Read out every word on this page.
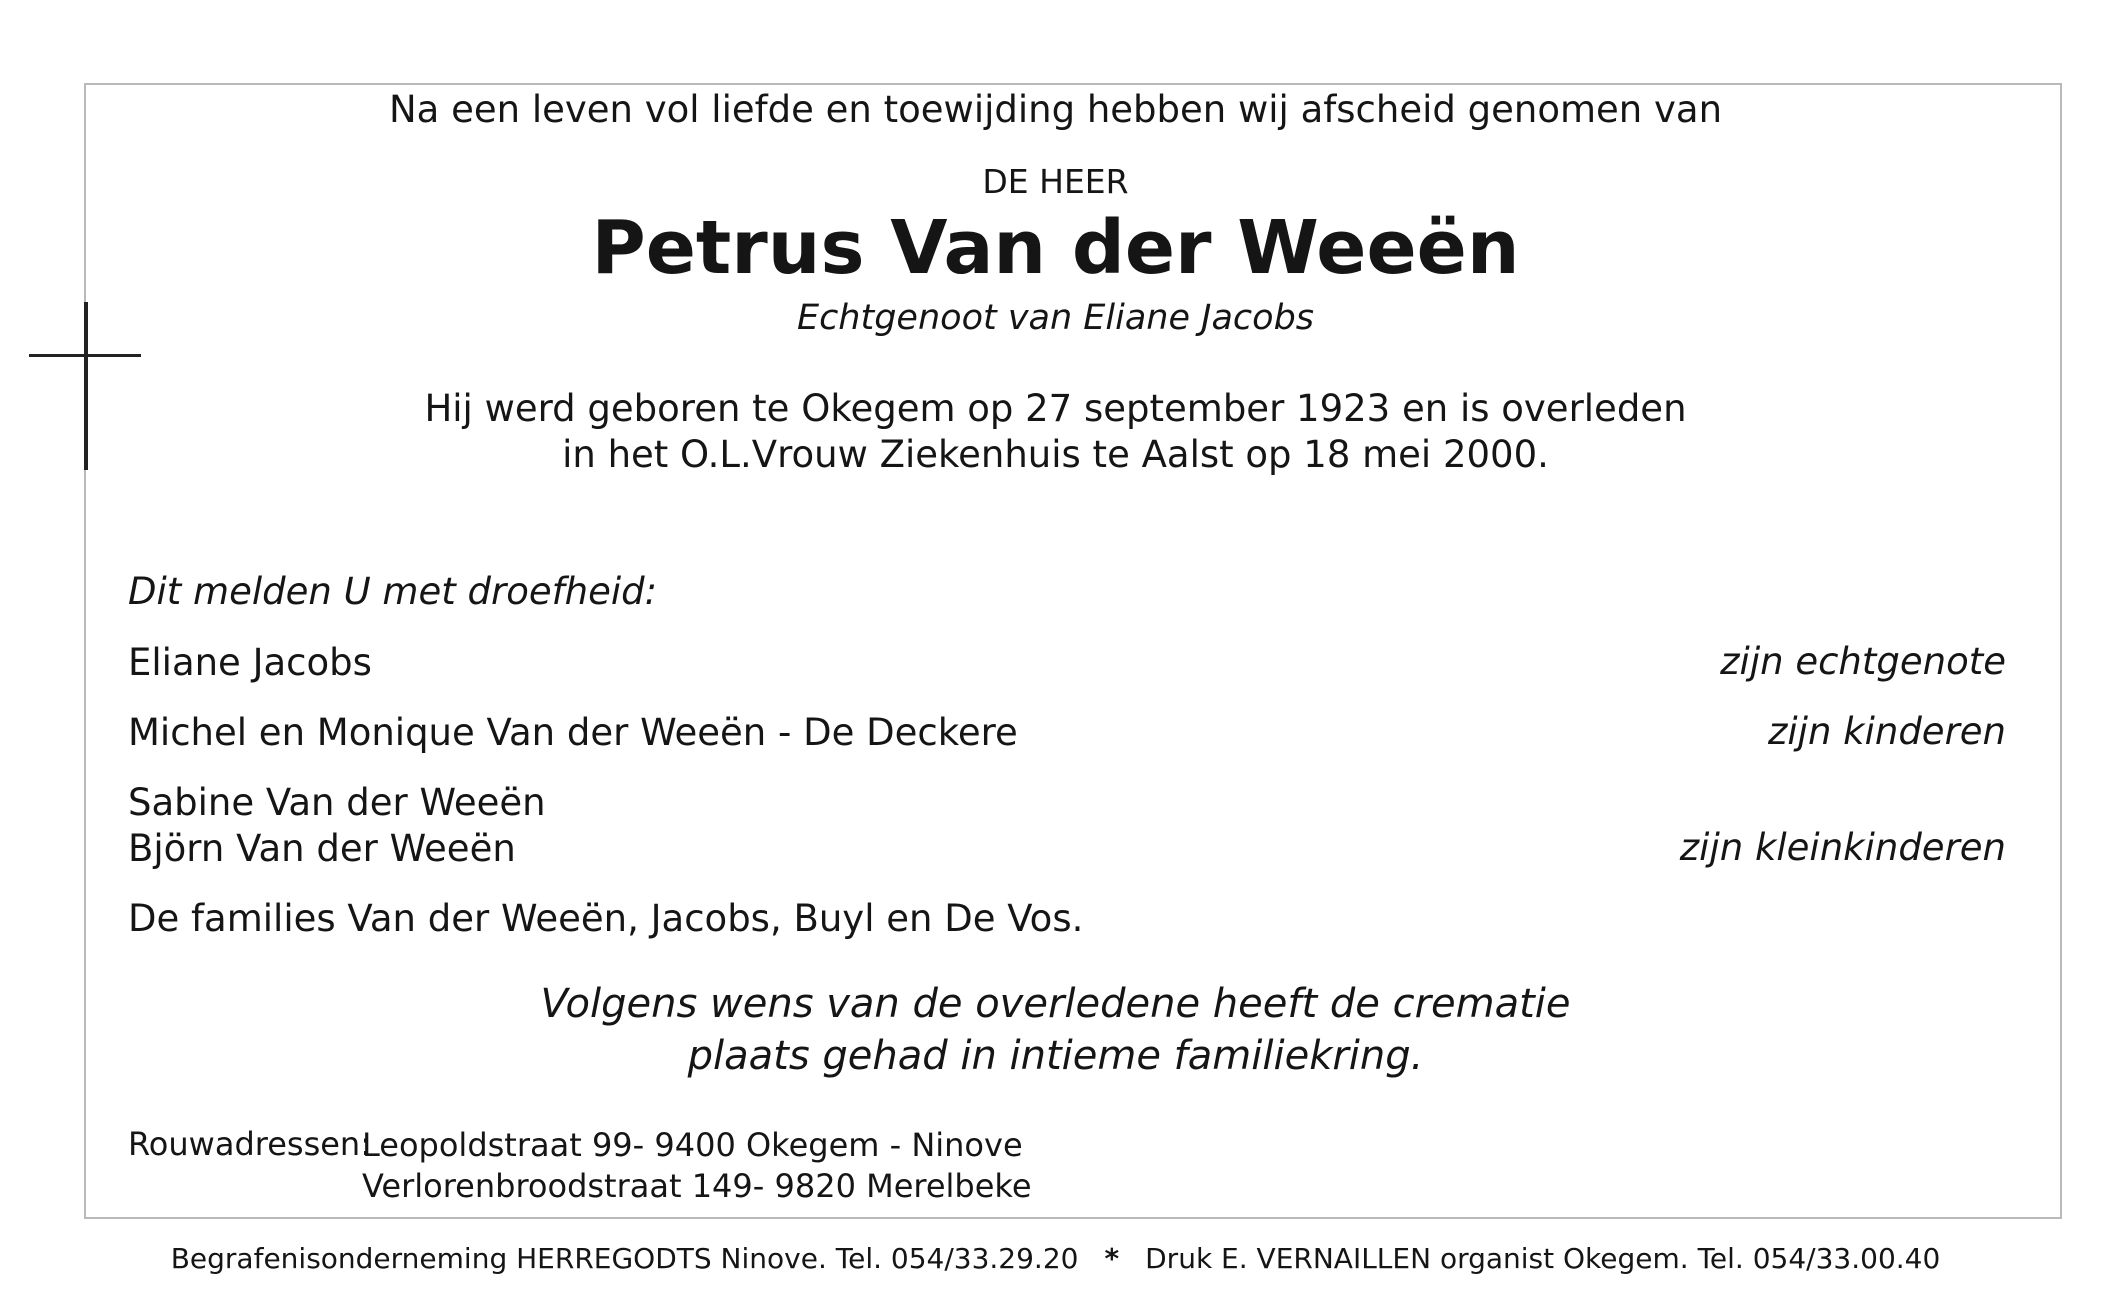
Na een leven vol liefde en toewijding hebben wij afscheid genomen van

DE HEER

Petrus Van der Weeën

Echtgenoot van Eliane Jacobs

Hij werd geboren te Okegem op 27 september 1923 en is overleden
in het O.L.Vrouw Ziekenhuis te Aalst op 18 mei 2000.

Dit melden U met droefheid:

Eliane Jacobs	zijn echtgenote
Michel en Monique Van der Weeën - De Deckere	zijn kinderen
Sabine Van der Weeën
Björn Van der Weeën	zijn kleinkinderen
De families Van der Weeën, Jacobs, Buyl en De Vos.
Volgens wens van de overledene heeft de crematie
plaats gehad in intieme familiekring.
Rouwadressen:
Leopoldstraat 99- 9400 Okegem - Ninove
Verlorenbroodstraat 149- 9820 Merelbeke
Begrafenisonderneming HERREGODTS Ninove. Tel. 054/33.29.20 * Druk E. VERNAILLEN organist Okegem. Tel. 054/33.00.40
